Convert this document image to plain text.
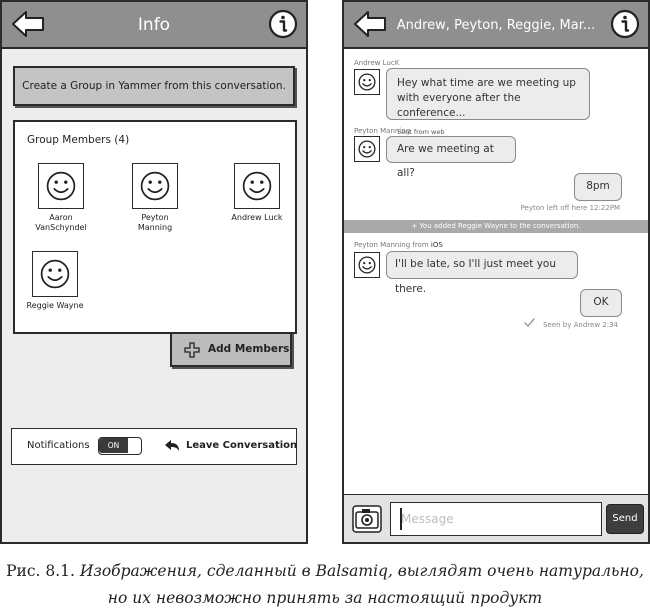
Info
Create a Group in Yammer from this conversation.
Group Members (4)
Aaron VanSchyndel
Peyton Manning
Andrew Luck
Reggie Wayne
Add Members
Notifications	ON	Leave Conversation
Andrew, Peyton, Reggie, Mar...
Andrew LucK
Hey what time are we meeting up with everyone after the conference...
Sent from web
Peyton Manning
Are we meeting at all?
8pm
Peyton left off here 12:22PM
+ You added Reggie Wayne to the conversation.
Peyton Manning from iOS
I'll be late, so I'll just meet you there.
OK
Seen by Andrew 2:34
Message
Send
Рис. 8.1. Изображения, сделанный в Balsamiq, выглядят очень натурально, но их невозможно принять за настоящий продукт
